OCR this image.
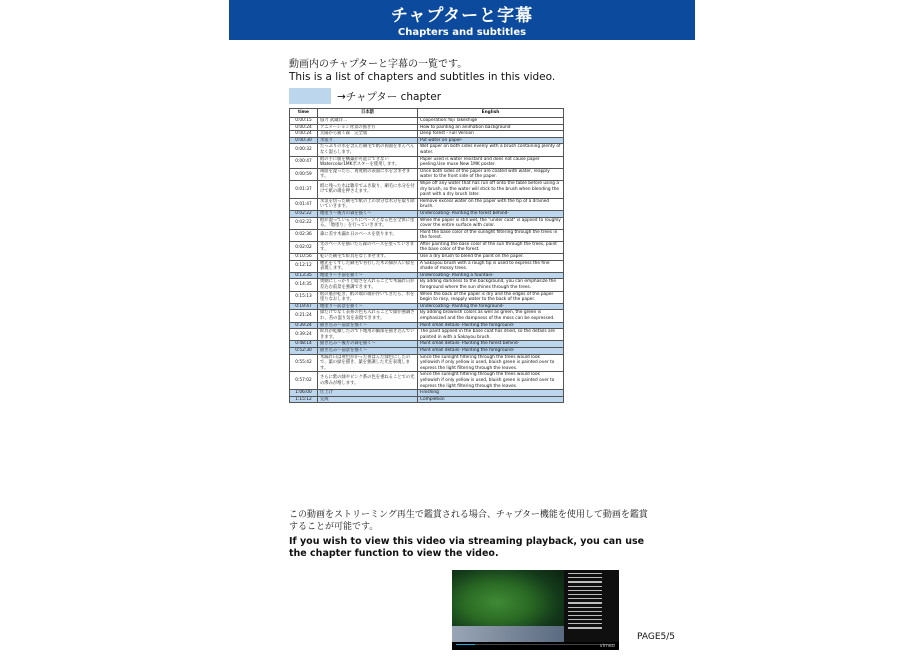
チャプターと字幕
Chapters and subtitles
動画内のチャプターと字幕の一覧です。
This is a list of chapters and subtitles in this video.
→チャプター chapter
time	日本語	English
0:00:15	協力 武蔵洋二	Cooperation:Yoji Takeshige
0:00:24	アニメーション背景の描き方	How to painting an animation background
0:00:24	太陽から描く森　完全版	Deep forest - Full Version
0:00:30	水張り	Put water on paper-
0:00:32	たっぷりの水を含んだ刷毛で紙の両面をまんべんなく湿らします。	Wet paper on both sides evenly with a brush containing plenty of water.
0:00:47	紙の手に膜を構築が可能にできないWatercolor1MKボスターを使用します。	Paper used is water resistant and does not cause paper peeling.Use muse New 1MK poster.
0:00:59	両面を湿ったら、再度紙の表面に水を含ませます。	Once both sides of the paper are coated with water, reapply water to the front side of the paper.
0:01:37	紙に残った水は雑巾でふき取り、刷毛に水分を付けて紙の端を押さえます。	Wipe off any water that has run off onto the table before using a dry brush, so the water will stick to the brush when blending the paint with a dry brush later.
0:01:47	水気を切った刷毛で紙の上の余分な水分を取り除いていきます。	Remove excess water on the paper with the tip of a drained brush.
0:02:22	地塗り〜後方の森を描く〜	Undercoating- Painting the forest behind-
0:02:22	紙が湿っているうちにベースとなる色を全体に塗る。「地塗り」を行っていきます。	While the paper is still wet, the "under coat" is applied to roughly cover the entire surface with color.
0:02:36	森に差す木漏れ日のベースを塗ります。	Paint the base color of the sunlight filtering through the trees in the forest.
0:02:02	光のベースを描いたら森のベースを塗っていきます。	After painting the base color of the sun through the trees, paint the base color of the forest.
0:10:56	乾いた刷毛で絵具をなじませます。	Use a dry brush to blend the paint on the paper.
0:12:12	穂先をくずした刷毛で苔むした木の緑が入い陰を表現します。	A Sakayou brush with a rough tip is used to express the fine shade of mossy trees.
0:13:35	地塗り〜手前を描く〜	Undercoating- Painting a fountain-
0:14:35	奥側にしっかりと暗さを入れることで木漏れ日が差込む前景を強調できます。	By adding darkness to the background, you can emphasize the foreground where the sun shines through the trees.
0:15:13	紙の裏が乾き、紙の端の端が浮いてきたら、水を塗りなおします。	When the back of the paper is dry and the edges of the paper begin to rosy, reapply water to the back of the paper.
0:19:47	地塗り〜前景を描く〜	Undercoating- Painting the foreground-
0:21:24	緑だけでなく茶系の色も入れることで緑が強調され、苔の湿り気を表現できます。	By adding brownish colors as well as green, the green is emphasized and the dampness of the moss can be expressed.
0:39:24	描き込み〜前景を描く〜	Paint small details- Painting the foreground-
0:39:24	絵具が乾燥したので下地用の細部を描き込んでいきます。	The paint applied in the base coat has dried, so the details are painted in with a Sakayou brush.
0:48:14	描き込み〜後方の森を描く〜	Paint small details- Painting the forest behind-
0:52:30	描き込み〜前景を描く〜	Paint small details- Painting the foreground-
0:55:42	木漏れ日は黄色がかった黄ばんだ緑色にしたので、葉の緑を描き、葉を強調した光を表現します。	Since the sunlight filtering through the trees would look yellowish if only yellow is used, bluish green is painted over to express the light filtering through the leaves.
0:57:02	さらに紫の緑やピンク系の色を重ねることでの光の滲みが増します。	Since the sunlight filtering through the trees would look yellowish if only yellow is used, bluish green is painted over to express the light filtering through the leaves.
1:06:00	仕上げ	Finishing
1:15:12	完成	Completion
この動画をストリーミング再生で鑑賞される場合、チャプター機能を使用して動画を鑑賞することが可能です。
If you wish to view this video via streaming playback, you can use the chapter function to view the video.
vimeo
PAGE5/5
